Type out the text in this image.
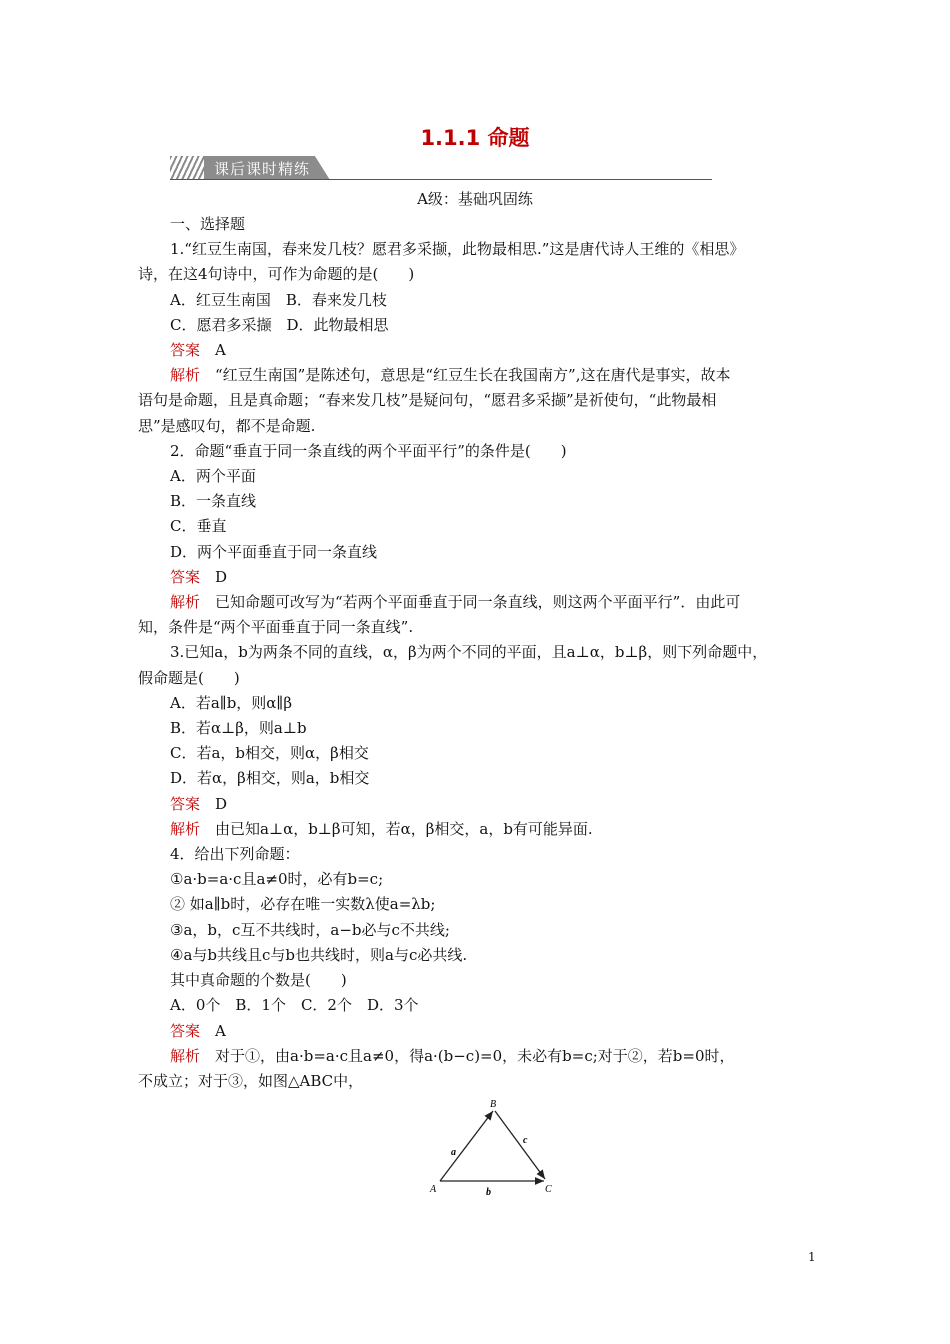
1.1.1 命题
课后课时精练
A级：基础巩固练

一、选择题

1.“红豆生南国，春来发几枝？愿君多采撷，此物最相思.”这是唐代诗人王维的《相思》

诗，在这4句诗中，可作为命题的是(　　)

A．红豆生南国　B．春来发几枝

C．愿君多采撷　D．此物最相思

答案　A

解析　“红豆生南国”是陈述句，意思是“红豆生长在我国南方”,这在唐代是事实，故本

语句是命题，且是真命题；“春来发几枝”是疑问句，“愿君多采撷”是祈使句，“此物最相

思”是感叹句，都不是命题.

2．命题“垂直于同一条直线的两个平面平行”的条件是(　　)

A．两个平面

B．一条直线

C．垂直

D．两个平面垂直于同一条直线

答案　D

解析　已知命题可改写为“若两个平面垂直于同一条直线，则这两个平面平行”．由此可

知，条件是“两个平面垂直于同一条直线”.

3.已知a，b为两条不同的直线，α，β为两个不同的平面，且a⊥α，b⊥β，则下列命题中，

假命题是(　　)

A．若a∥b，则α∥β

B．若α⊥β，则a⊥b

C．若a，b相交，则α，β相交

D．若α，β相交，则a，b相交

答案　D

解析　由已知a⊥α，b⊥β可知，若α，β相交，a，b有可能异面.

4．给出下列命题：

①a·b=a·c且a≠0时，必有b=c;

② 如a∥b时，必存在唯一实数λ使a=λb;

③a，b，c互不共线时，a−b必与c不共线;

④a与b共线且c与b也共线时，则a与c必共线.

其中真命题的个数是(　　)

A．0个　B．1个　C．2个　D．3个

答案　A

解析　对于①，由a·b=a·c且a≠0，得a·(b−c)=0，未必有b=c;对于②，若b=0时，

不成立；对于③，如图△ABC中，

B
A	C
a
c
b
1
